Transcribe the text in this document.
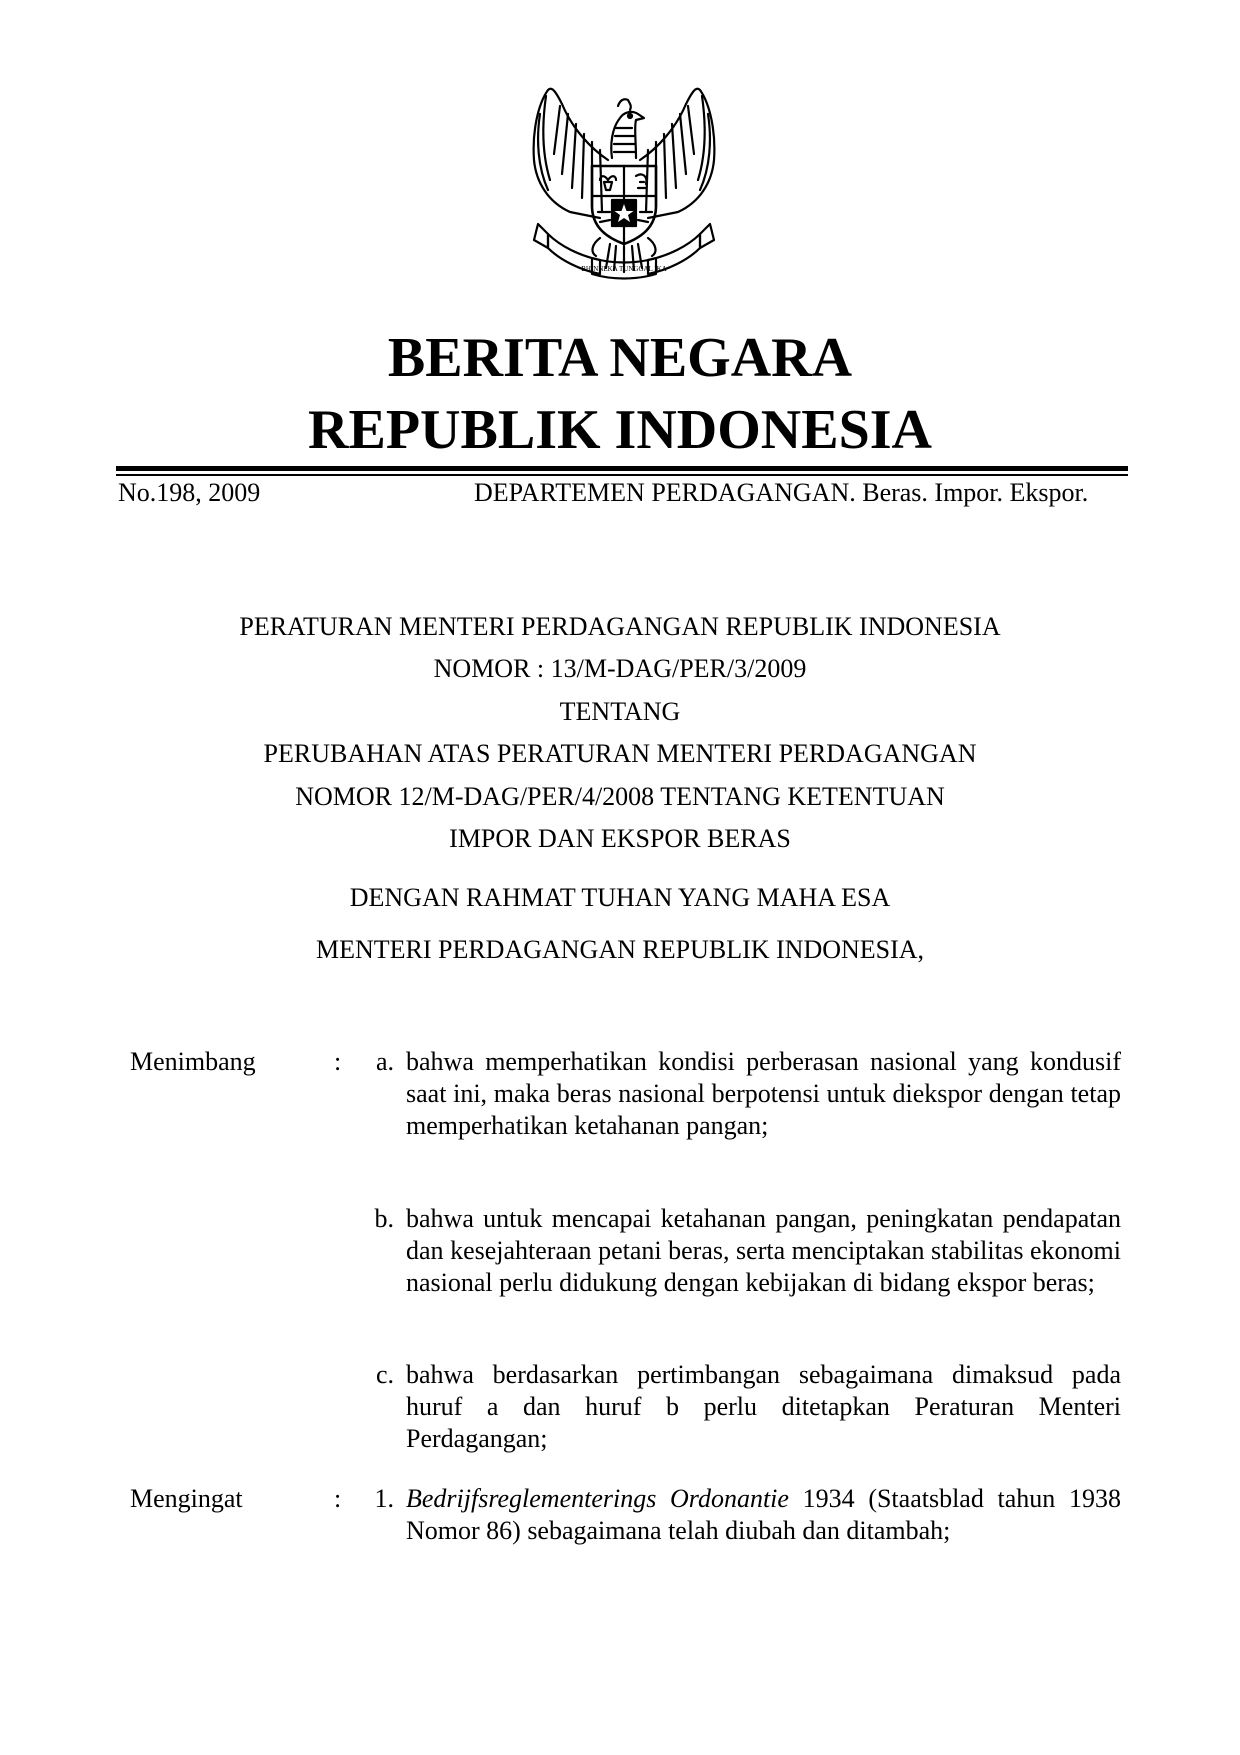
BHINNEKA TUNGGAL IKA
BERITA NEGARA
REPUBLIK INDONESIA
No.198, 2009	DEPARTEMEN PERDAGANGAN. Beras. Impor. Ekspor.
PERATURAN MENTERI PERDAGANGAN REPUBLIK INDONESIA
NOMOR : 13/M-DAG/PER/3/2009
TENTANG
PERUBAHAN ATAS PERATURAN MENTERI PERDAGANGAN
NOMOR 12/M-DAG/PER/4/2008 TENTANG KETENTUAN
IMPOR DAN EKSPOR BERAS
DENGAN RAHMAT TUHAN YANG MAHA ESA
MENTERI PERDAGANGAN REPUBLIK INDONESIA,
Menimbang	:	a. bahwa memperhatikan kondisi perberasan nasional yang kondusif saat ini, maka beras nasional berpotensi untuk diekspor dengan tetap memperhatikan ketahanan pangan;
b. bahwa untuk mencapai ketahanan pangan, peningkatan pendapatan dan kesejahteraan petani beras, serta menciptakan stabilitas ekonomi nasional perlu didukung dengan kebijakan di bidang ekspor beras;
c. bahwa berdasarkan pertimbangan sebagaimana dimaksud pada huruf a dan huruf b perlu ditetapkan Peraturan Menteri Perdagangan;
Mengingat	:	1. Bedrijfsreglementerings Ordonantie 1934 (Staatsblad tahun 1938 Nomor 86) sebagaimana telah diubah dan ditambah;
